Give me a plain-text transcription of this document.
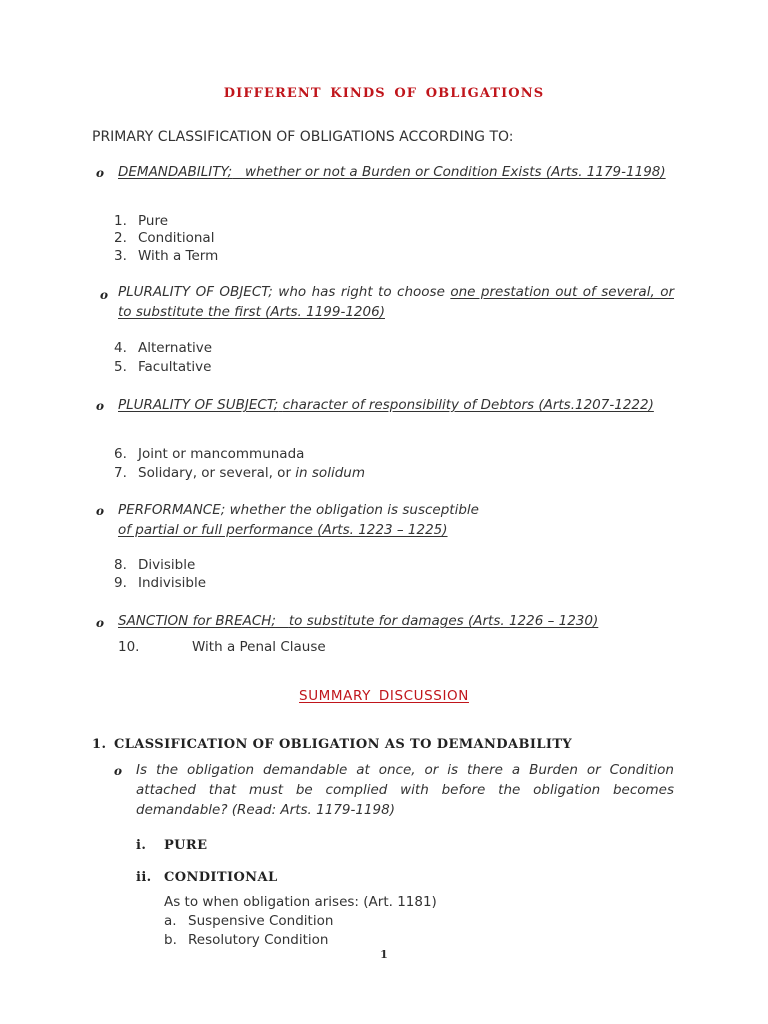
DIFFERENT KINDS OF OBLIGATIONS
PRIMARY CLASSIFICATION OF OBLIGATIONS ACCORDING TO:
o DEMANDABILITY; whether or not a Burden or Condition Exists (Arts. 1179-1198)
1. Pure
2. Conditional
3. With a Term
o PLURALITY OF OBJECT; who has right to choose one prestation out of several, or to substitute the first (Arts. 1199-1206)
4. Alternative
5. Facultative
o PLURALITY OF SUBJECT; character of responsibility of Debtors (Arts.1207-1222)
6. Joint or mancommunada
7. Solidary, or several, or in solidum
o PERFORMANCE; whether the obligation is susceptible
of partial or full performance (Arts. 1223 – 1225)
8. Divisible
9. Indivisible
o SANCTION for BREACH; to substitute for damages (Arts. 1226 – 1230)
10.	With a Penal Clause
SUMMARY DISCUSSION
1. CLASSIFICATION OF OBLIGATION AS TO DEMANDABILITY
o Is the obligation demandable at once, or is there a Burden or Condition attached that must be complied with before the obligation becomes demandable? (Read: Arts. 1179-1198)
i. PURE
ii. CONDITIONAL
As to when obligation arises: (Art. 1181)
a. Suspensive Condition
b. Resolutory Condition
1
